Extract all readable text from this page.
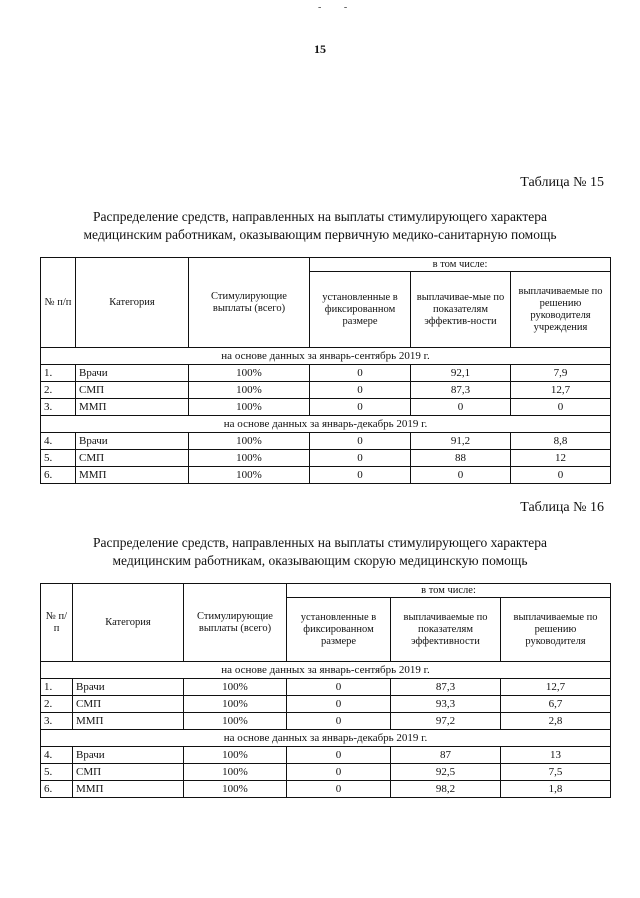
- -
15
Таблица № 15
Распределение средств, направленных на выплаты стимулирующего характера
медицинским работникам, оказывающим первичную медико-санитарную помощь
№ п/п	Категория	Стимулирующие выплаты (всего)	в том числе:		
			установленные в фиксированном размере	выплачивае-мые по показателям эффектив-ности	выплачиваемые по решению руководителя учреждения
на основе данных за январь-сентябрь 2019 г.					
1.	Врачи	100%	0	92,1	7,9
2.	СМП	100%	0	87,3	12,7
3.	ММП	100%	0	0	0
на основе данных за январь-декабрь 2019 г.					
4.	Врачи	100%	0	91,2	8,8
5.	СМП	100%	0	88	12
6.	ММП	100%	0	0	0
Таблица № 16
Распределение средств, направленных на выплаты стимулирующего характера
медицинским работникам, оказывающим скорую медицинскую помощь
№ п/п	Категория	Стимулирующие выплаты (всего)	в том числе:		
			установленные в фиксированном размере	выплачиваемые по показателям эффективности	выплачиваемые по решению руководителя
на основе данных за январь-сентябрь 2019 г.					
1.	Врачи	100%	0	87,3	12,7
2.	СМП	100%	0	93,3	6,7
3.	ММП	100%	0	97,2	2,8
на основе данных за январь-декабрь 2019 г.					
4.	Врачи	100%	0	87	13
5.	СМП	100%	0	92,5	7,5
6.	ММП	100%	0	98,2	1,8
